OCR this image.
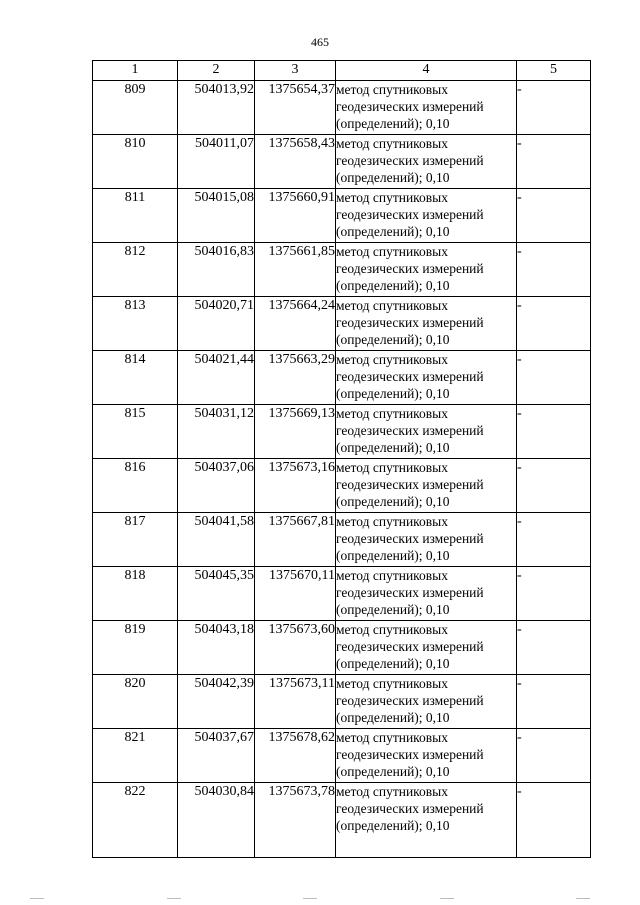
465
1	2	3	4	5
809	504013,92	1375654,37	метод спутниковых геодезических измерений (определений); 0,10	-
810	504011,07	1375658,43	метод спутниковых геодезических измерений (определений); 0,10	-
811	504015,08	1375660,91	метод спутниковых геодезических измерений (определений); 0,10	-
812	504016,83	1375661,85	метод спутниковых геодезических измерений (определений); 0,10	-
813	504020,71	1375664,24	метод спутниковых геодезических измерений (определений); 0,10	-
814	504021,44	1375663,29	метод спутниковых геодезических измерений (определений); 0,10	-
815	504031,12	1375669,13	метод спутниковых геодезических измерений (определений); 0,10	-
816	504037,06	1375673,16	метод спутниковых геодезических измерений (определений); 0,10	-
817	504041,58	1375667,81	метод спутниковых геодезических измерений (определений); 0,10	-
818	504045,35	1375670,11	метод спутниковых геодезических измерений (определений); 0,10	-
819	504043,18	1375673,60	метод спутниковых геодезических измерений (определений); 0,10	-
820	504042,39	1375673,11	метод спутниковых геодезических измерений (определений); 0,10	-
821	504037,67	1375678,62	метод спутниковых геодезических измерений (определений); 0,10	-
822	504030,84	1375673,78	метод спутниковых геодезических измерений (определений); 0,10	-
